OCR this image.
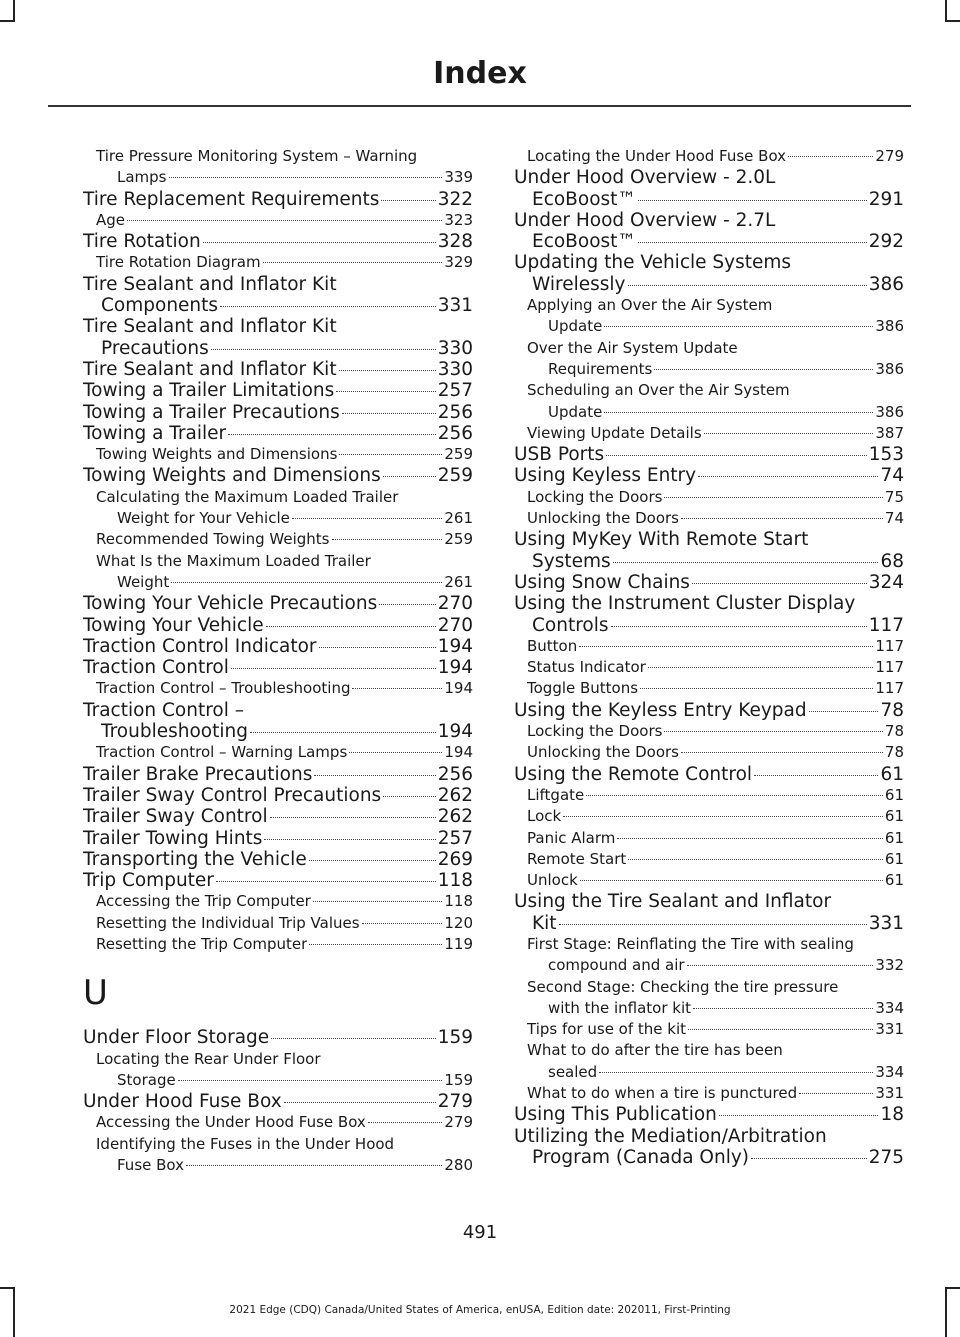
Index
Tire Pressure Monitoring System – Warning
Lamps	339
Tire Replacement Requirements	322
Age	323
Tire Rotation	328
Tire Rotation Diagram	329
Tire Sealant and Inflator Kit
Components	331
Tire Sealant and Inflator Kit
Precautions	330
Tire Sealant and Inflator Kit	330
Towing a Trailer Limitations	257
Towing a Trailer Precautions	256
Towing a Trailer	256
Towing Weights and Dimensions	259
Towing Weights and Dimensions	259
Calculating the Maximum Loaded Trailer
Weight for Your Vehicle	261
Recommended Towing Weights	259
What Is the Maximum Loaded Trailer
Weight	261
Towing Your Vehicle Precautions	270
Towing Your Vehicle	270
Traction Control Indicator	194
Traction Control	194
Traction Control – Troubleshooting	194
Traction Control –
Troubleshooting	194
Traction Control – Warning Lamps	194
Trailer Brake Precautions	256
Trailer Sway Control Precautions	262
Trailer Sway Control	262
Trailer Towing Hints	257
Transporting the Vehicle	269
Trip Computer	118
Accessing the Trip Computer	118
Resetting the Individual Trip Values	120
Resetting the Trip Computer	119
U
Under Floor Storage	159
Locating the Rear Under Floor
Storage	159
Under Hood Fuse Box	279
Accessing the Under Hood Fuse Box	279
Identifying the Fuses in the Under Hood
Fuse Box	280
Locating the Under Hood Fuse Box	279
Under Hood Overview - 2.0L
EcoBoost™	291
Under Hood Overview - 2.7L
EcoBoost™	292
Updating the Vehicle Systems
Wirelessly	386
Applying an Over the Air System
Update	386
Over the Air System Update
Requirements	386
Scheduling an Over the Air System
Update	386
Viewing Update Details	387
USB Ports	153
Using Keyless Entry	74
Locking the Doors	75
Unlocking the Doors	74
Using MyKey With Remote Start
Systems	68
Using Snow Chains	324
Using the Instrument Cluster Display
Controls	117
Button	117
Status Indicator	117
Toggle Buttons	117
Using the Keyless Entry Keypad	78
Locking the Doors	78
Unlocking the Doors	78
Using the Remote Control	61
Liftgate	61
Lock	61
Panic Alarm	61
Remote Start	61
Unlock	61
Using the Tire Sealant and Inflator
Kit	331
First Stage: Reinflating the Tire with sealing
compound and air	332
Second Stage: Checking the tire pressure
with the inflator kit	334
Tips for use of the kit	331
What to do after the tire has been
sealed	334
What to do when a tire is punctured	331
Using This Publication	18
Utilizing the Mediation/Arbitration
Program (Canada Only)	275
491
2021 Edge (CDQ) Canada/United States of America, enUSA, Edition date: 202011, First-Printing
